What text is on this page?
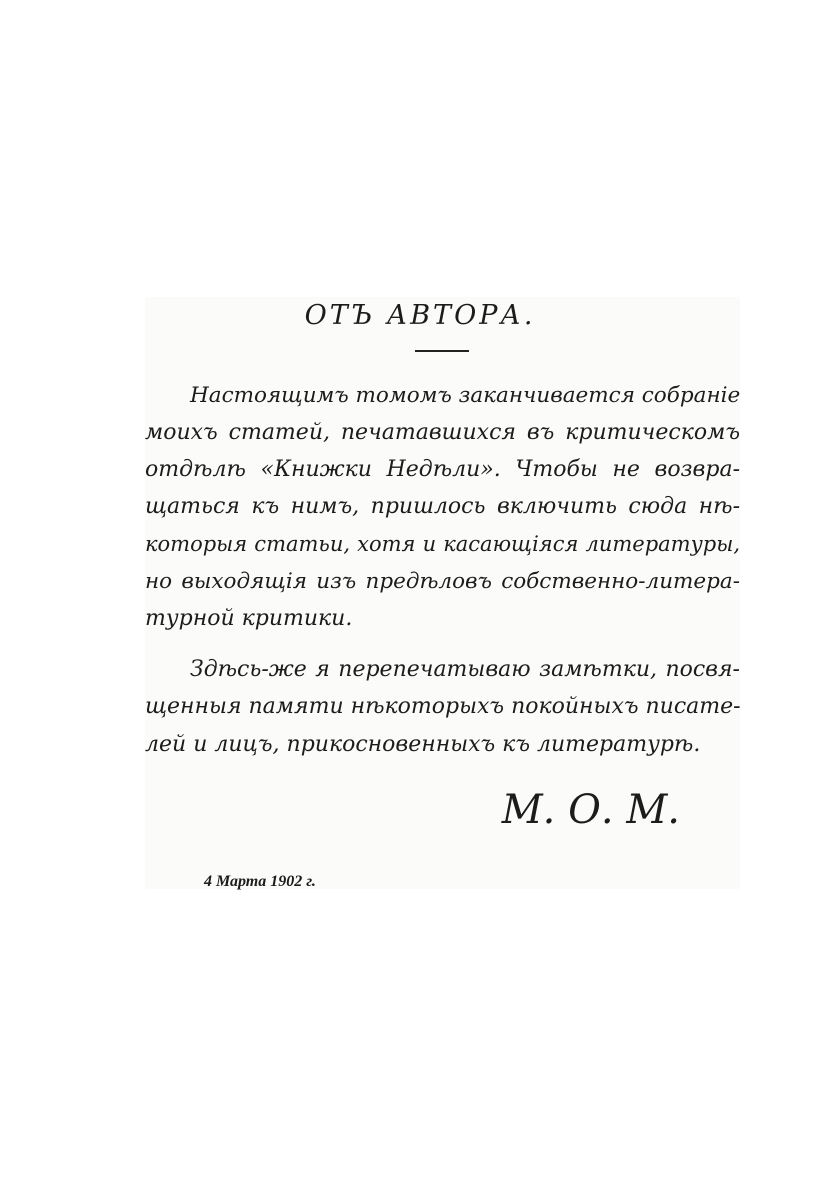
ОТЪ АВТОРА.
Настоящимъ томомъ заканчивается собраніе
моихъ статей, печатавшихся въ критическомъ
отдѣлѣ «Книжки Недѣли». Чтобы не возвра-
щаться къ нимъ, пришлось включить сюда нѣ-
которыя статьи, хотя и касающіяся литературы,
но выходящія изъ предѣловъ собственно-литера-
турной критики.
Здѣсь-же я перепечатываю замѣтки, посвя-
щенныя памяти нѣкоторыхъ покойныхъ писате-
лей и лицъ, прикосновенныхъ къ литературѣ.
М. О. М.
4 Марта 1902 г.
